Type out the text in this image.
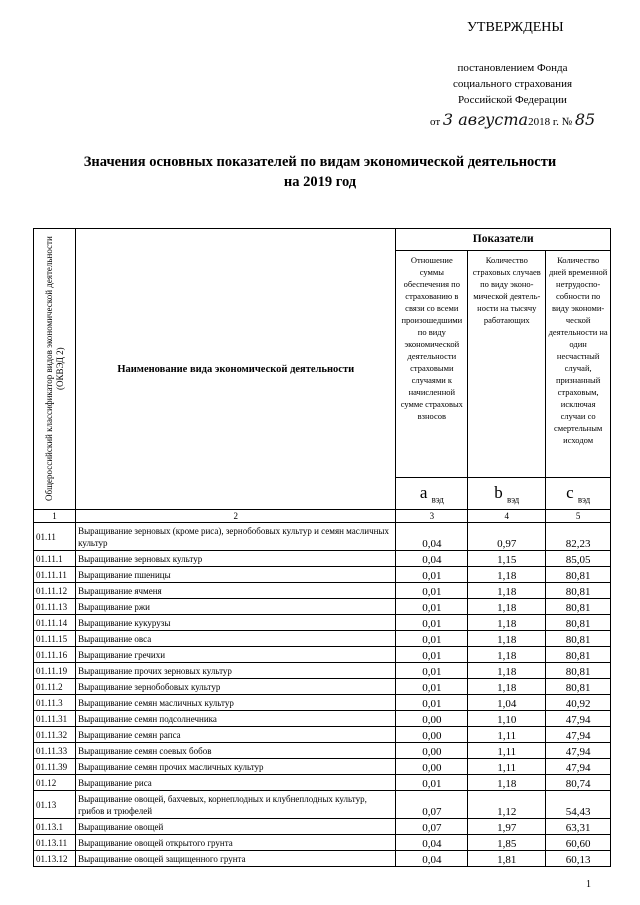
УТВЕРЖДЕНЫ
постановлением Фонда
социального страхования
Российской Федерации
от 3 августа2018 г. № 85
Значения основных показателей по видам экономической деятельности
на 2019 год
Общероссийский классификатор видов экономической деятельности (ОКВЭД 2)	Наименование вида экономической деятельности	Показатели		
		Отношение суммы обеспечения по страхованию в связи со всеми произошедшими по виду экономической деятельности страховыми случаями к начисленной сумме страховых взносов	Количество страховых случаев по виду эконо-мической деятель-ности на тысячу работающих	Количество дней временной нетрудоспо-собности по виду экономи-ческой деятельности на один несчастный случай, признанный страховым, исключая случаи со смертельным исходом
		a $_{вэд}$	b $_{вэд}$	c $_{вэд}$
1	2	3	4	5
01.11	Выращивание зерновых (кроме риса), зернобобовых культур и семян масличных культур	0,04	0,97	82,23
01.11.1	Выращивание зерновых культур	0,04	1,15	85,05
01.11.11	Выращивание пшеницы	0,01	1,18	80,81
01.11.12	Выращивание ячменя	0,01	1,18	80,81
01.11.13	Выращивание ржи	0,01	1,18	80,81
01.11.14	Выращивание кукурузы	0,01	1,18	80,81
01.11.15	Выращивание овса	0,01	1,18	80,81
01.11.16	Выращивание гречихи	0,01	1,18	80,81
01.11.19	Выращивание прочих зерновых культур	0,01	1,18	80,81
01.11.2	Выращивание зернобобовых культур	0,01	1,18	80,81
01.11.3	Выращивание семян масличных культур	0,01	1,04	40,92
01.11.31	Выращивание семян подсолнечника	0,00	1,10	47,94
01.11.32	Выращивание семян рапса	0,00	1,11	47,94
01.11.33	Выращивание семян соевых бобов	0,00	1,11	47,94
01.11.39	Выращивание семян прочих масличных культур	0,00	1,11	47,94
01.12	Выращивание риса	0,01	1,18	80,74
01.13	Выращивание овощей, бахчевых, корнеплодных и клубнеплодных культур, грибов и трюфелей	0,07	1,12	54,43
01.13.1	Выращивание овощей	0,07	1,97	63,31
01.13.11	Выращивание овощей открытого грунта	0,04	1,85	60,60
01.13.12	Выращивание овощей защищенного грунта	0,04	1,81	60,13
1
